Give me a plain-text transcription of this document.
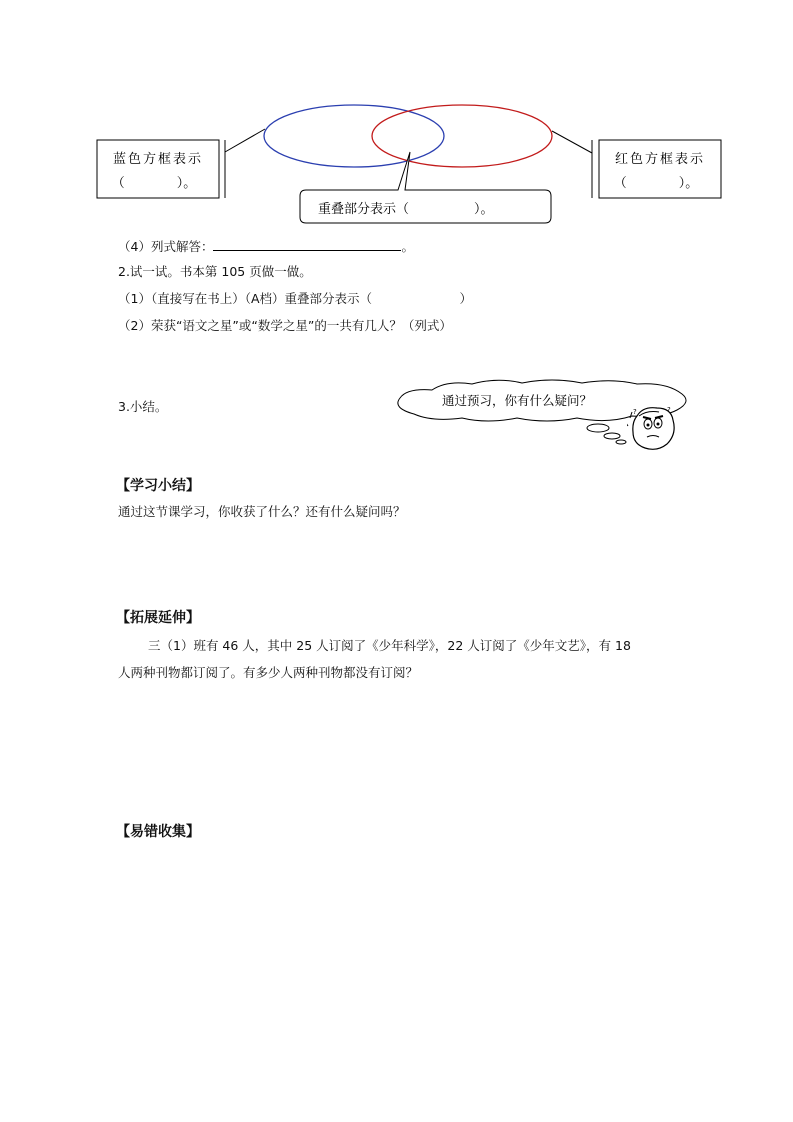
蓝色方框表示
（　　　　）。
红色方框表示
（　　　　）。
重叠部分表示（　　　　　）。
（4）列式解答：	。
2.试一试。书本第 105 页做一做。
（1）（直接写在书上）（A档）重叠部分表示（　　　　　　　）
（2）荣获“语文之星”或“数学之星”的一共有几人？（列式）
3.小结。	通过预习，你有什么疑问？
?	?
【学习小结】
通过这节课学习，你收获了什么？还有什么疑问吗？
【拓展延伸】
三（1）班有 46 人，其中 25 人订阅了《少年科学》，22 人订阅了《少年文艺》，有 18
人两种刊物都订阅了。有多少人两种刊物都没有订阅？
【易错收集】
